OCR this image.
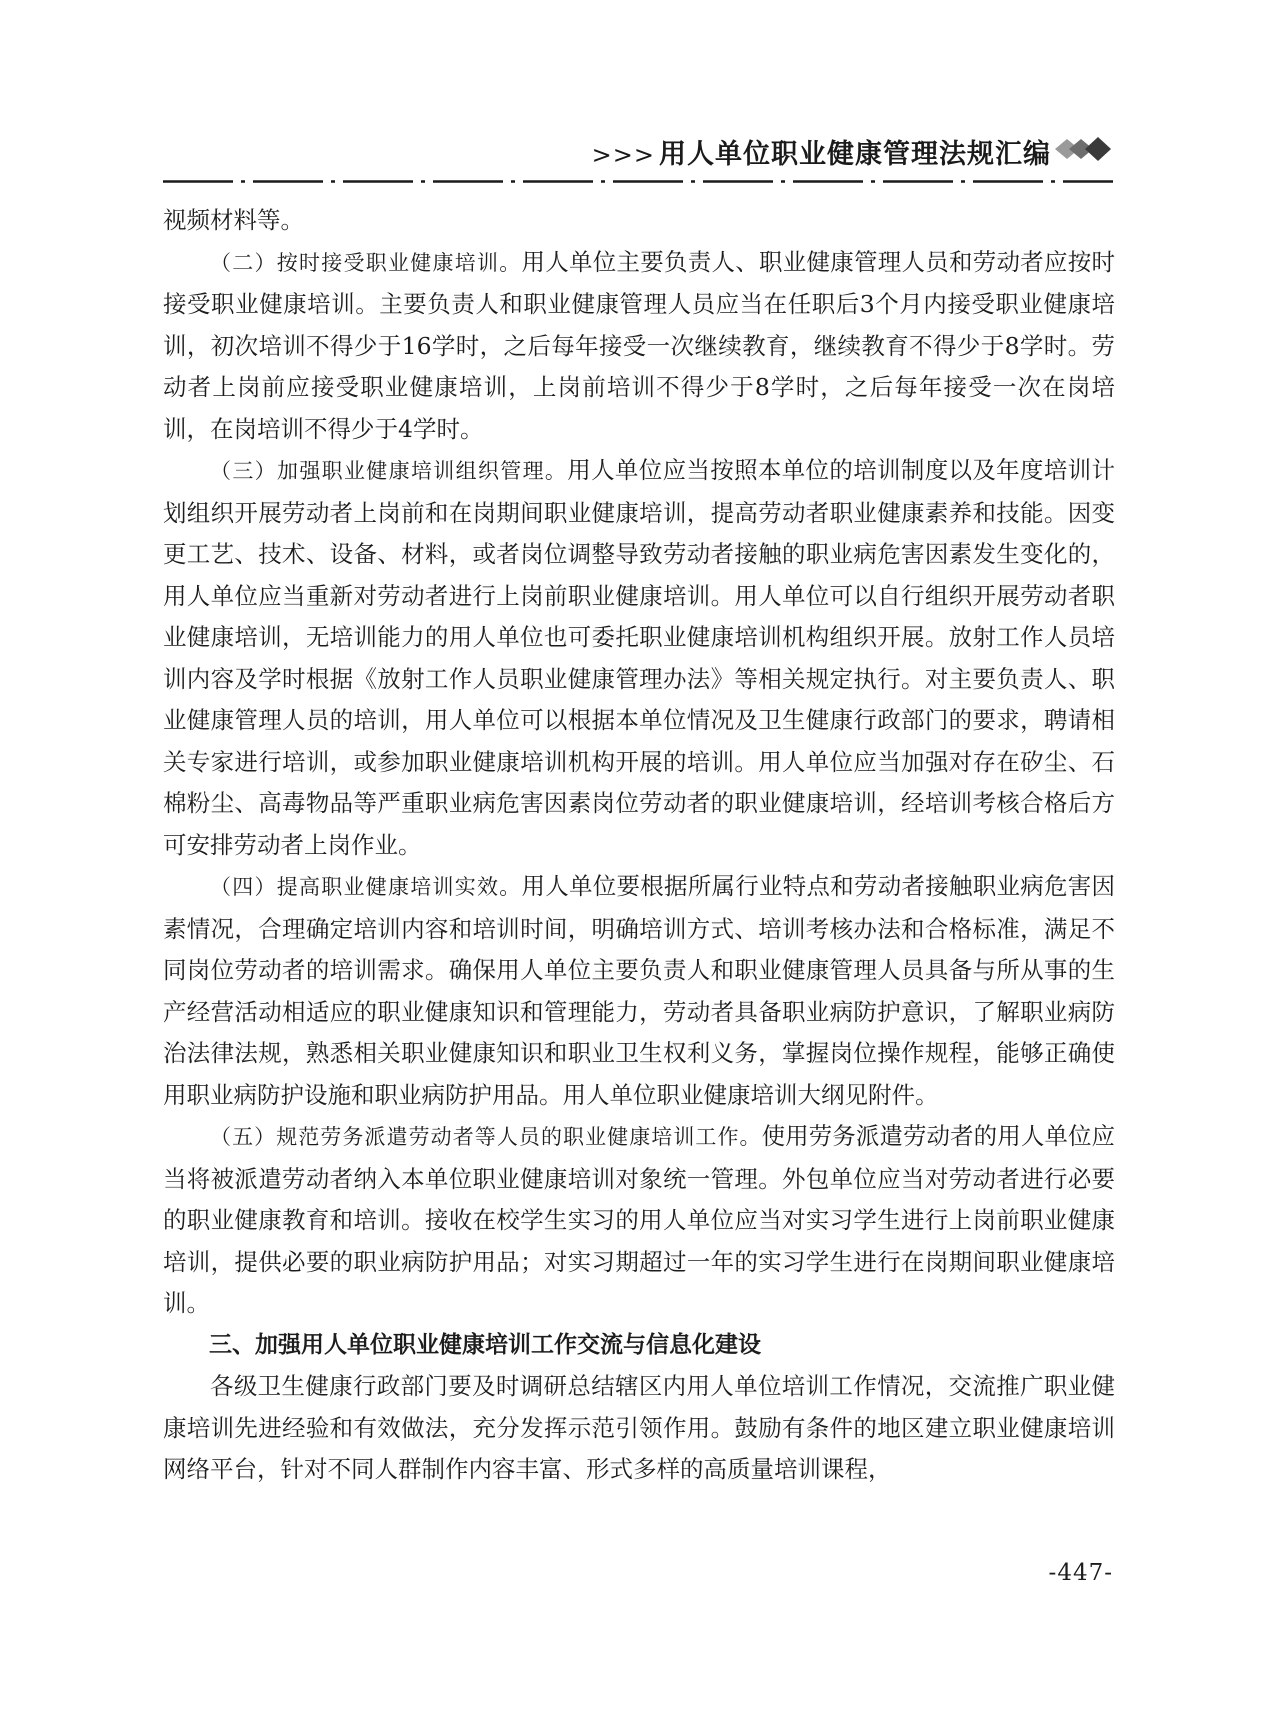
>>> 用人单位职业健康管理法规汇编

视频材料等。

（二）按时接受职业健康培训。用人单位主要负责人、职业健康管理人员和劳动者应按时接受职业健康培训。主要负责人和职业健康管理人员应当在任职后3个月内接受职业健康培训，初次培训不得少于16学时，之后每年接受一次继续教育，继续教育不得少于8学时。劳动者上岗前应接受职业健康培训，上岗前培训不得少于8学时，之后每年接受一次在岗培训，在岗培训不得少于4学时。

（三）加强职业健康培训组织管理。用人单位应当按照本单位的培训制度以及年度培训计划组织开展劳动者上岗前和在岗期间职业健康培训，提高劳动者职业健康素养和技能。因变更工艺、技术、设备、材料，或者岗位调整导致劳动者接触的职业病危害因素发生变化的，用人单位应当重新对劳动者进行上岗前职业健康培训。用人单位可以自行组织开展劳动者职业健康培训，无培训能力的用人单位也可委托职业健康培训机构组织开展。放射工作人员培训内容及学时根据《放射工作人员职业健康管理办法》等相关规定执行。对主要负责人、职业健康管理人员的培训，用人单位可以根据本单位情况及卫生健康行政部门的要求，聘请相关专家进行培训，或参加职业健康培训机构开展的培训。用人单位应当加强对存在矽尘、石棉粉尘、高毒物品等严重职业病危害因素岗位劳动者的职业健康培训，经培训考核合格后方可安排劳动者上岗作业。

（四）提高职业健康培训实效。用人单位要根据所属行业特点和劳动者接触职业病危害因素情况，合理确定培训内容和培训时间，明确培训方式、培训考核办法和合格标准，满足不同岗位劳动者的培训需求。确保用人单位主要负责人和职业健康管理人员具备与所从事的生产经营活动相适应的职业健康知识和管理能力，劳动者具备职业病防护意识，了解职业病防治法律法规，熟悉相关职业健康知识和职业卫生权利义务，掌握岗位操作规程，能够正确使用职业病防护设施和职业病防护用品。用人单位职业健康培训大纲见附件。

（五）规范劳务派遣劳动者等人员的职业健康培训工作。使用劳务派遣劳动者的用人单位应当将被派遣劳动者纳入本单位职业健康培训对象统一管理。外包单位应当对劳动者进行必要的职业健康教育和培训。接收在校学生实习的用人单位应当对实习学生进行上岗前职业健康培训，提供必要的职业病防护用品；对实习期超过一年的实习学生进行在岗期间职业健康培训。

三、加强用人单位职业健康培训工作交流与信息化建设

各级卫生健康行政部门要及时调研总结辖区内用人单位培训工作情况，交流推广职业健康培训先进经验和有效做法，充分发挥示范引领作用。鼓励有条件的地区建立职业健康培训网络平台，针对不同人群制作内容丰富、形式多样的高质量培训课程，

-447-
